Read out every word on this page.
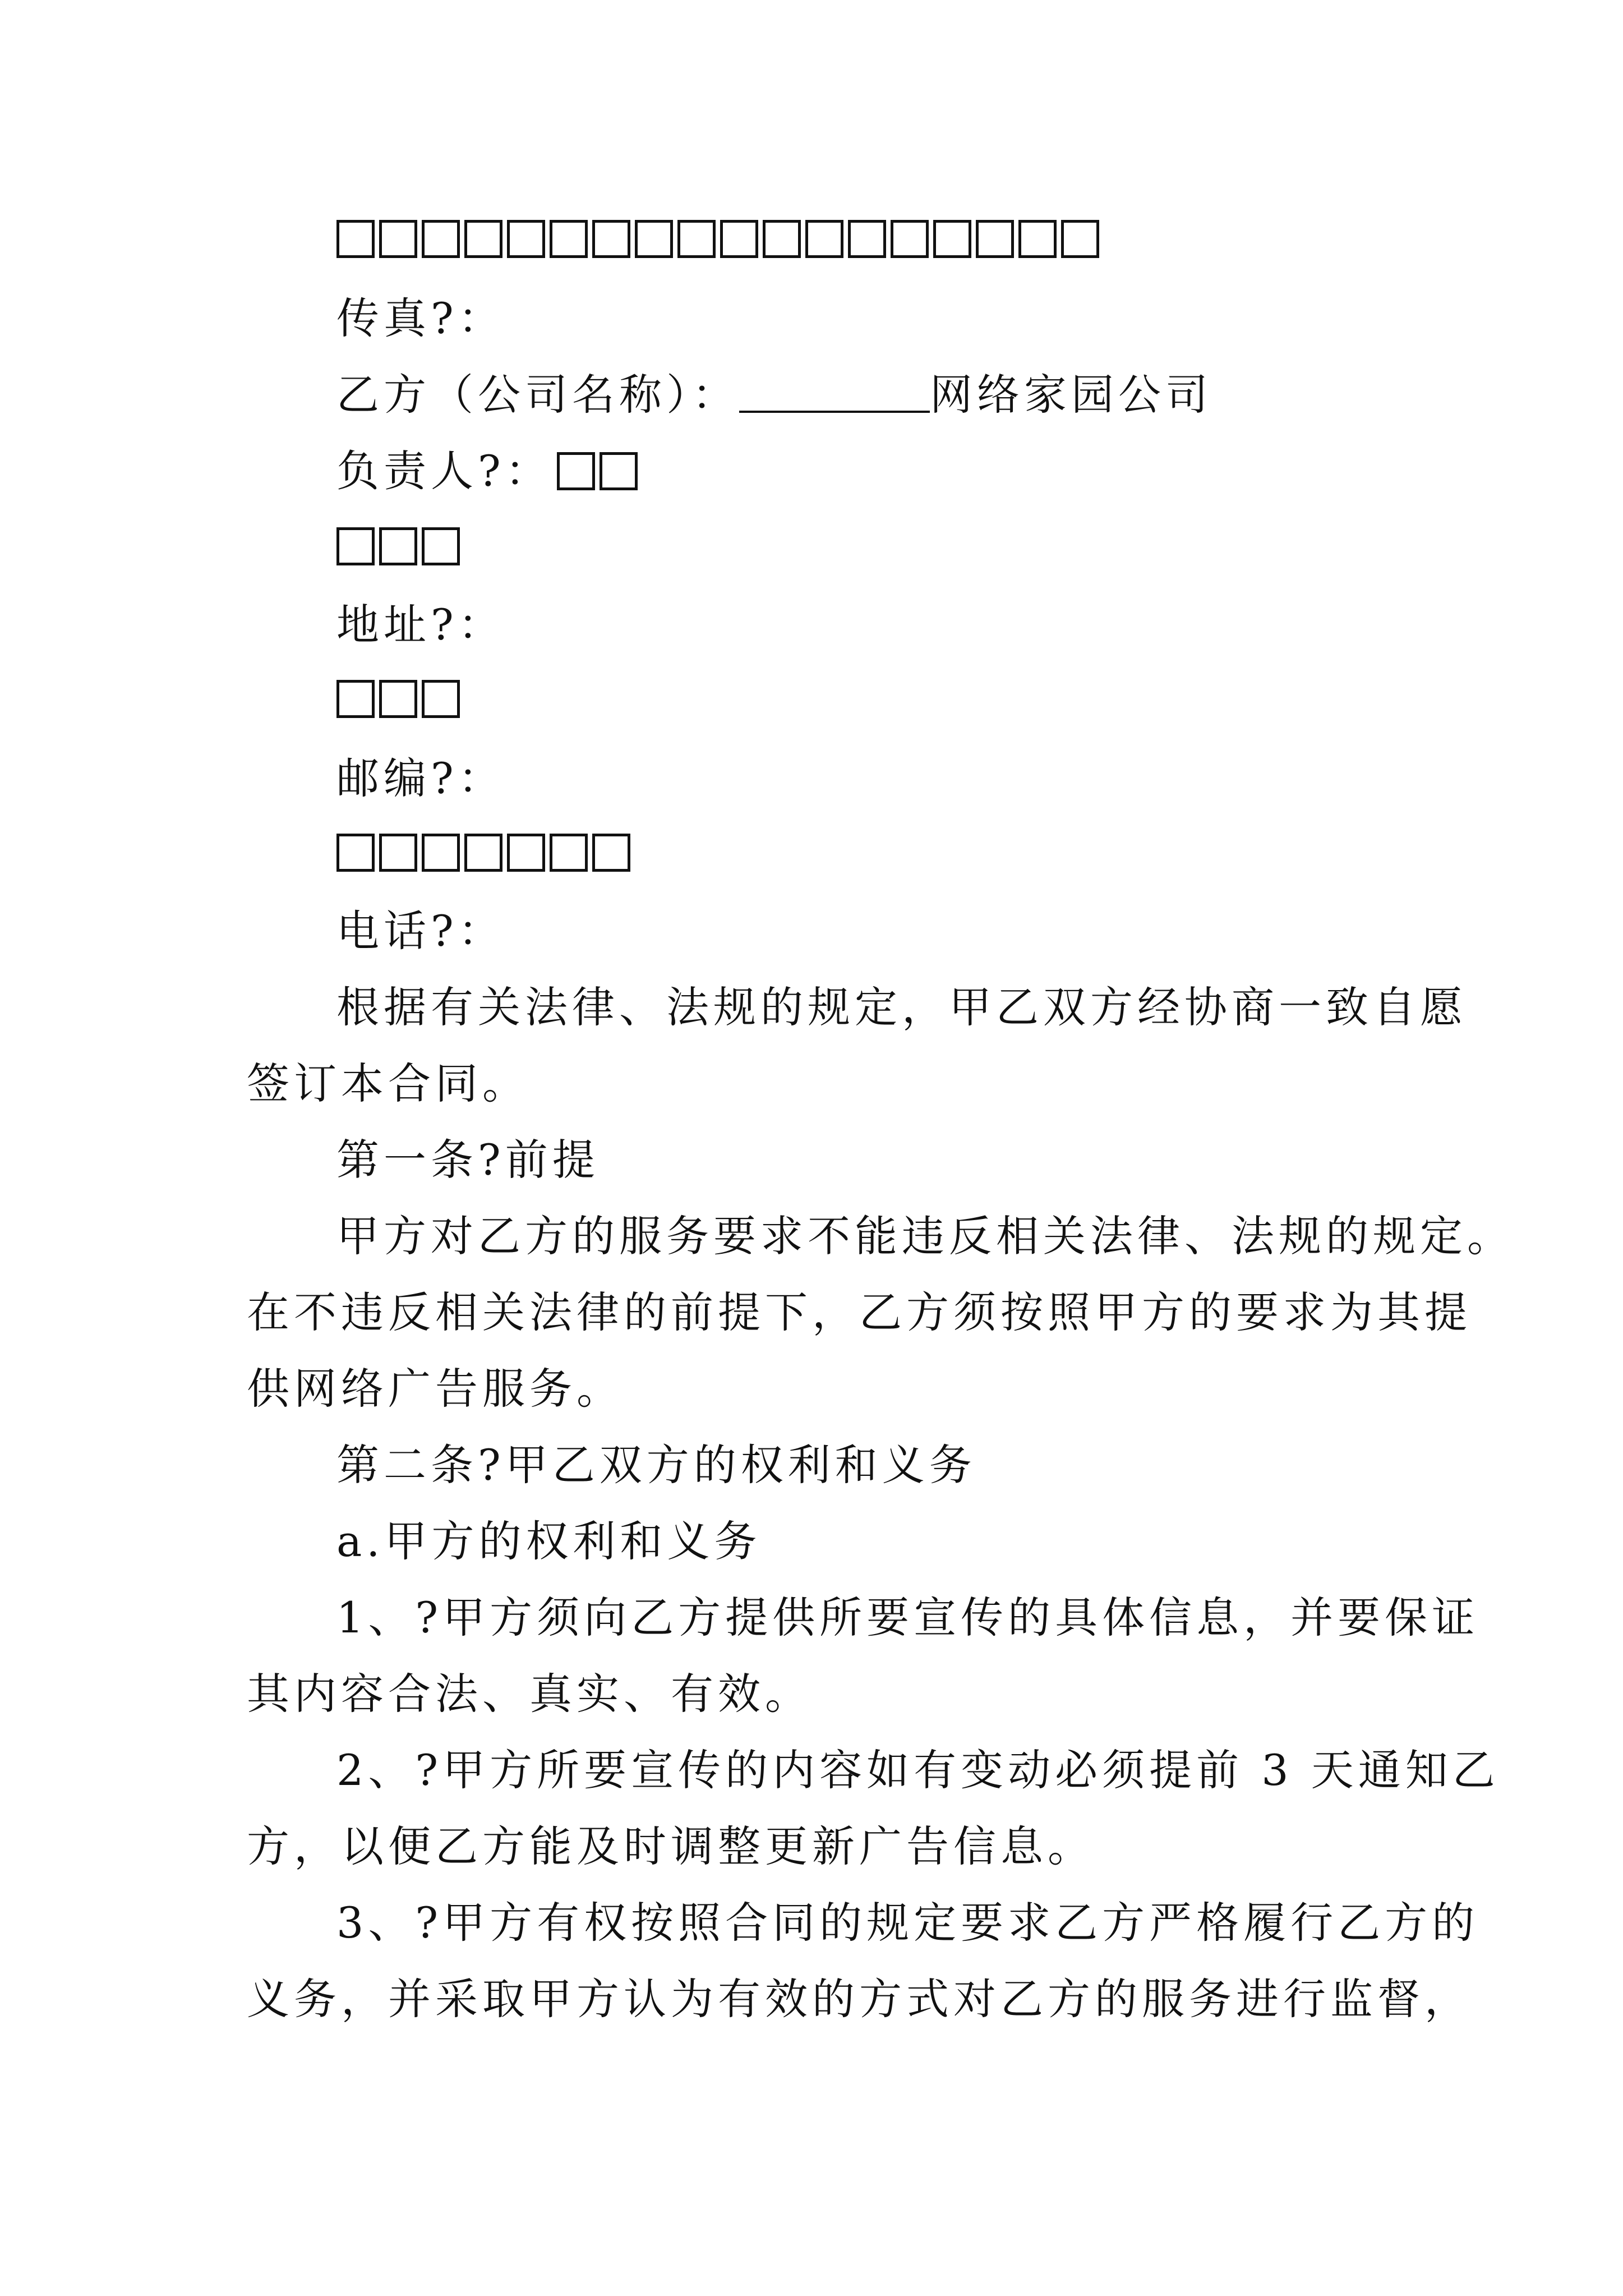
传真?：
乙方（公司名称）：	网络家园公司
负责人?：
地址?：
邮编?：
电话?：
根据有关法律、法规的规定，甲乙双方经协商一致自愿
签订本合同。
第一条?前提
甲方对乙方的服务要求不能违反相关法律、法规的规定。
在不违反相关法律的前提下，乙方须按照甲方的要求为其提
供网络广告服务。
第二条?甲乙双方的权利和义务
a.甲方的权利和义务
1、?甲方须向乙方提供所要宣传的具体信息，并要保证
其内容合法、真实、有效。
2、?甲方所要宣传的内容如有变动必须提前 3 天通知乙
方，以便乙方能及时调整更新广告信息。
3、?甲方有权按照合同的规定要求乙方严格履行乙方的
义务，并采取甲方认为有效的方式对乙方的服务进行监督，
